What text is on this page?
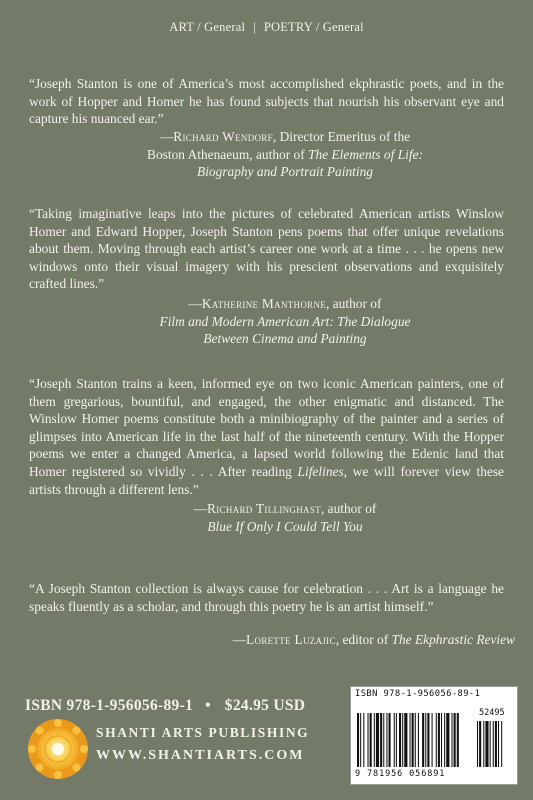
ART / General | POETRY / General
“Joseph Stanton is one of America’s most accomplished ekphrastic poets, and in the work of Hopper and Homer he has found subjects that nourish his observant eye and capture his nuanced ear.”
—Richard Wendorf, Director Emeritus of the Boston Athenaeum, author of The Elements of Life: Biography and Portrait Painting
“Taking imaginative leaps into the pictures of celebrated American artists Winslow Homer and Edward Hopper, Joseph Stanton pens poems that offer unique revelations about them. Moving through each artist’s career one work at a time . . . he opens new windows onto their visual imagery with his prescient observations and exquisitely crafted lines.”
—Katherine Manthorne, author of
Film and Modern American Art: The Dialogue Between Cinema and Painting
“Joseph Stanton trains a keen, informed eye on two iconic American painters, one of them gregarious, bountiful, and engaged, the other enigmatic and distanced. The Winslow Homer poems constitute both a minibiography of the painter and a series of glimpses into American life in the last half of the nineteenth century. With the Hopper poems we enter a changed America, a lapsed world following the Edenic land that Homer registered so vividly . . . After reading Lifelines, we will forever view these artists through a different lens.”
—Richard Tillinghast, author of
Blue If Only I Could Tell You
“A Joseph Stanton collection is always cause for celebration . . . Art is a language he speaks fluently as a scholar, and through this poetry he is an artist himself.”
—Lorette Luzajic, editor of The Ekphrastic Review
ISBN 978-1-956056-89-1 • $24.95 USD
SHANTI ARTS PUBLISHING
WWW.SHANTIARTS.COM
ISBN 978-1-956056-89-1
52495
9 781956 056891
